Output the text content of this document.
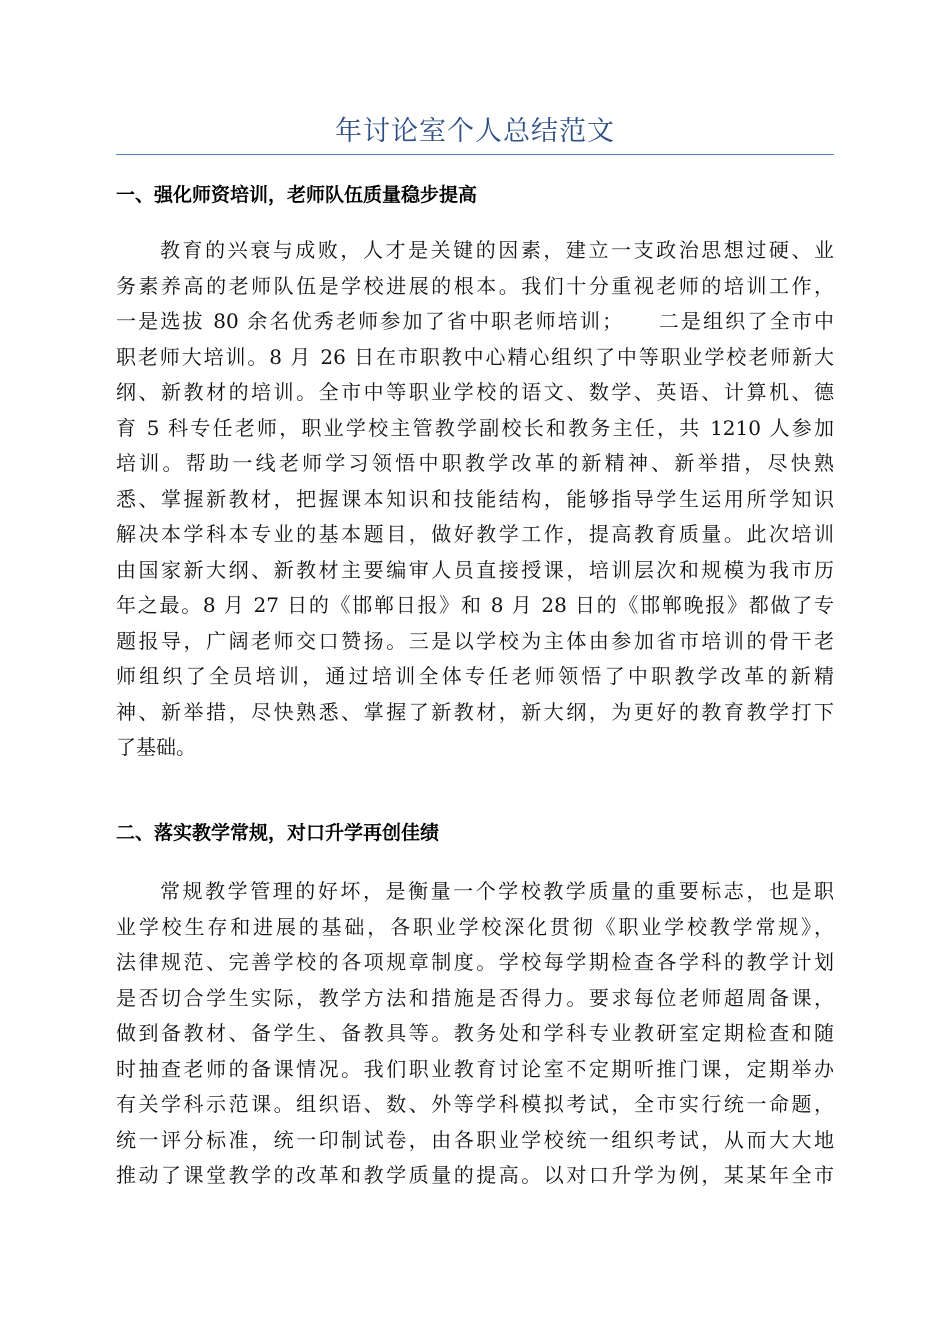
年讨论室个人总结范文
一、强化师资培训，老师队伍质量稳步提高
教育的兴衰与成败，人才是关键的因素，建立一支政治思想过硬、业
务素养高的老师队伍是学校进展的根本。我们十分重视老师的培训工作，
一是选拔 80 余名优秀老师参加了省中职老师培训；　　二是组织了全市中
职老师大培训。8 月 26 日在市职教中心精心组织了中等职业学校老师新大
纲、新教材的培训。全市中等职业学校的语文、数学、英语、计算机、德
育 5 科专任老师，职业学校主管教学副校长和教务主任，共 1210 人参加
培训。帮助一线老师学习领悟中职教学改革的新精神、新举措，尽快熟
悉、掌握新教材，把握课本知识和技能结构，能够指导学生运用所学知识
解决本学科本专业的基本题目，做好教学工作，提高教育质量。此次培训
由国家新大纲、新教材主要编审人员直接授课，培训层次和规模为我市历
年之最。8 月 27 日的《邯郸日报》和 8 月 28 日的《邯郸晚报》都做了专
题报导，广阔老师交口赞扬。三是以学校为主体由参加省市培训的骨干老
师组织了全员培训，通过培训全体专任老师领悟了中职教学改革的新精
神、新举措，尽快熟悉、掌握了新教材，新大纲，为更好的教育教学打下
了基础。
二、落实教学常规，对口升学再创佳绩
常规教学管理的好坏，是衡量一个学校教学质量的重要标志，也是职
业学校生存和进展的基础，各职业学校深化贯彻《职业学校教学常规》，
法律规范、完善学校的各项规章制度。学校每学期检查各学科的教学计划
是否切合学生实际，教学方法和措施是否得力。要求每位老师超周备课，
做到备教材、备学生、备教具等。教务处和学科专业教研室定期检查和随
时抽查老师的备课情况。我们职业教育讨论室不定期听推门课，定期举办
有关学科示范课。组织语、数、外等学科模拟考试，全市实行统一命题，
统一评分标准，统一印制试卷，由各职业学校统一组织考试，从而大大地
推动了课堂教学的改革和教学质量的提高。以对口升学为例，某某年全市
